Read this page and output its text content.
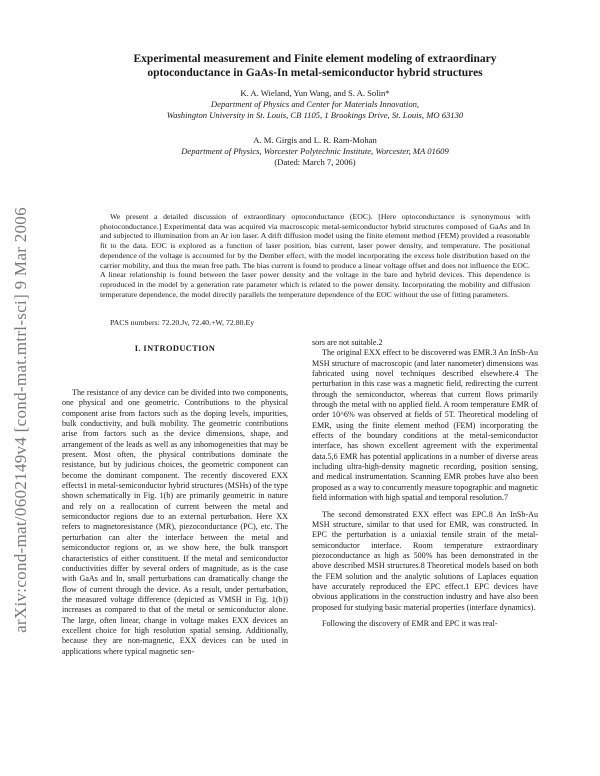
arXiv:cond-mat/0602149v4 [cond-mat.mtrl-sci] 9 Mar 2006
Experimental measurement and Finite element modeling of extraordinary
optoconductance in GaAs-In metal-semiconductor hybrid structures
K. A. Wieland, Yun Wang, and S. A. Solin*
Department of Physics and Center for Materials Innovation,
Washington University in St. Louis, CB 1105, 1 Brookings Drive, St. Louis, MO 63130
A. M. Girgis and L. R. Ram-Mohan
Department of Physics, Worcester Polytechnic Institute, Worcester, MA 01609
(Dated: March 7, 2006)

We present a detailed discussion of extraordinary optoconductance (EOC). [Here optoconductance is synonymous with photoconductance.] Experimental data was acquired via macroscopic metal-semiconductor hybrid structures composed of GaAs and In and subjected to illumination from an Ar ion laser. A drift diffusion model using the finite element method (FEM) provided a reasonable fit to the data. EOC is explored as a function of laser position, bias current, laser power density, and temperature. The positional dependence of the voltage is accounted for by the Dember effect, with the model incorporating the excess hole distribution based on the carrier mobility, and thus the mean free path. The bias current is found to produce a linear voltage offset and does not influence the EOC. A linear relationship is found between the laser power density and the voltage in the bare and hybrid devices. This dependence is reproduced in the model by a generation rate parameter which is related to the power density. Incorporating the mobility and diffusion temperature dependence, the model directly parallels the temperature dependence of the EOC without the use of fitting parameters.

PACS numbers: 72.20.Jv, 72.40.+W, 72.80.Ey
I. INTRODUCTION

The resistance of any device can be divided into two components, one physical and one geometric. Contributions to the physical component arise from factors such as the doping levels, impurities, bulk conductivity, and bulk mobility. The geometric contributions arise from factors such as the device dimensions, shape, and arrangement of the leads as well as any inhomogeneities that may be present. Most often, the physical contributions dominate the resistance, but by judicious choices, the geometric component can become the dominant component. The recently discovered EXX effects1 in metal-semiconductor hybrid structures (MSHs) of the type shown schematically in Fig. 1(b) are primarily geometric in nature and rely on a reallocation of current between the metal and semiconductor regions due to an external perturbation. Here XX refers to magnetoresistance (MR), piezoconductance (PC), etc. The perturbation can alter the interface between the metal and semiconductor regions or, as we show here, the bulk transport characteristics of either constituent. If the metal and semiconductor conductivities differ by several orders of magnitude, as is the case with GaAs and In, small perturbations can dramatically change the flow of current through the device. As a result, under perturbation, the measured voltage difference (depicted as VMSH in Fig. 1(b)) increases as compared to that of the metal or semiconductor alone. The large, often linear, change in voltage makes EXX devices an excellent choice for high resolution spatial sensing. Additionally, because they are non-magnetic, EXX devices can be used in applications where typical magnetic sen-

sors are not suitable.2

The original EXX effect to be discovered was EMR.3 An InSb-Au MSH structure of macroscopic (and later nanometer) dimensions was fabricated using novel techniques described elsewhere.4 The perturbation in this case was a magnetic field, redirecting the current through the semiconductor, whereas that current flows primarily through the metal with no applied field. A room temperature EMR of order 10^6% was observed at fields of 5T. Theoretical modeling of EMR, using the finite element method (FEM) incorporating the effects of the boundary conditions at the metal-semiconductor interface, has shown excellent agreement with the experimental data.5,6 EMR has potential applications in a number of diverse areas including ultra-high-density magnetic recording, position sensing, and medical instrumentation. Scanning EMR probes have also been proposed as a way to concurrently measure topographic and magnetic field information with high spatial and temporal resolution.7

The second demonstrated EXX effect was EPC.8 An InSb-Au MSH structure, similar to that used for EMR, was constructed. In EPC the perturbation is a uniaxial tensile strain of the metal-semiconductor interface. Room temperature extraordinary piezoconductance as high as 500% has been demonstrated in the above described MSH structures.8 Theoretical models based on both the FEM solution and the analytic solutions of Laplaces equation have accurately reproduced the EPC effect.1 EPC devices have obvious applications in the construction industry and have also been proposed for studying basic material properties (interface dynamics).

Following the discovery of EMR and EPC it was real-
